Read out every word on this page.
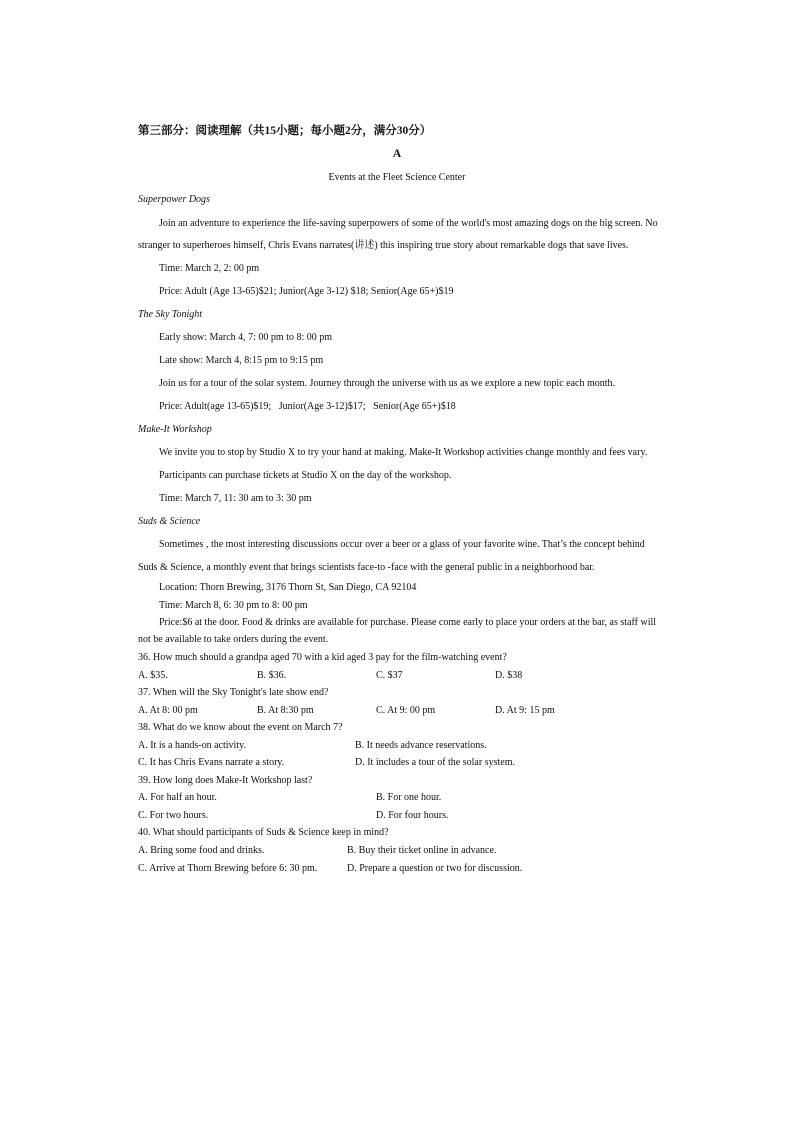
第三部分：阅读理解（共15小题；每小题2分，满分30分）
A
Events at the Fleet Science Center
Superpower Dogs
Join an adventure to experience the life-saving superpowers of some of the world's most amazing dogs on the big screen. No
stranger to superheroes himself, Chris Evans narrates(讲述) this inspiring true story about remarkable dogs that save lives.
Time: March 2, 2: 00 pm
Price: Adult (Age 13-65)$21; Junior(Age 3-12) $18; Senior(Age 65+)$19
The Sky Tonight
Early show: March 4, 7: 00 pm to 8: 00 pm
Late show: March 4, 8:15 pm to 9:15 pm
Join us for a tour of the solar system. Journey through the universe with us as we explore a new topic each month.
Price: Adult(age 13-65)$19;   Junior(Age 3-12)$17;   Senior(Age 65+)$18
Make-It Workshop
We invite you to stop by Studio X to try your hand at making. Make-It Workshop activities change monthly and fees vary.
Participants can purchase tickets at Studio X on the day of the workshop.
Time: March 7, 11: 30 am to 3: 30 pm
Suds & Science
Sometimes , the most interesting discussions occur over a beer or a glass of your favorite wine. That’s the concept behind
Suds & Science, a monthly event that brings scientists face-to -face with the general public in a neighborhood bar.
Location: Thorn Brewing, 3176 Thorn St, San Diego, CA 92104
Time: March 8, 6: 30 pm to 8: 00 pm
Price:$6 at the door. Food & drinks are available for purchase. Please come early to place your orders at the bar, as staff will
not be available to take orders during the event.
36. How much should a grandpa aged 70 with a kid aged 3 pay for the film-watching event?
A. $35.	B. $36.	C. $37	D. $38
37. When will the Sky Tonight's late show end?
A. At 8: 00 pm	B. At 8:30 pm	C. At 9: 00 pm	D. At 9: 15 pm
38. What do we know about the event on March 7?
A. It is a hands-on activity.	B. It needs advance reservations.
C. It has Chris Evans narrate a story.	D. It includes a tour of the solar system.
39. How long does Make-It Workshop last?
A. For half an hour.	B. For one hour.
C. For two hours.	D. For four hours.
40. What should participants of Suds & Science keep in mind?
A. Bring some food and drinks.	B. Buy their ticket online in advance.
C. Arrive at Thorn Brewing before 6: 30 pm.	D. Prepare a question or two for discussion.
